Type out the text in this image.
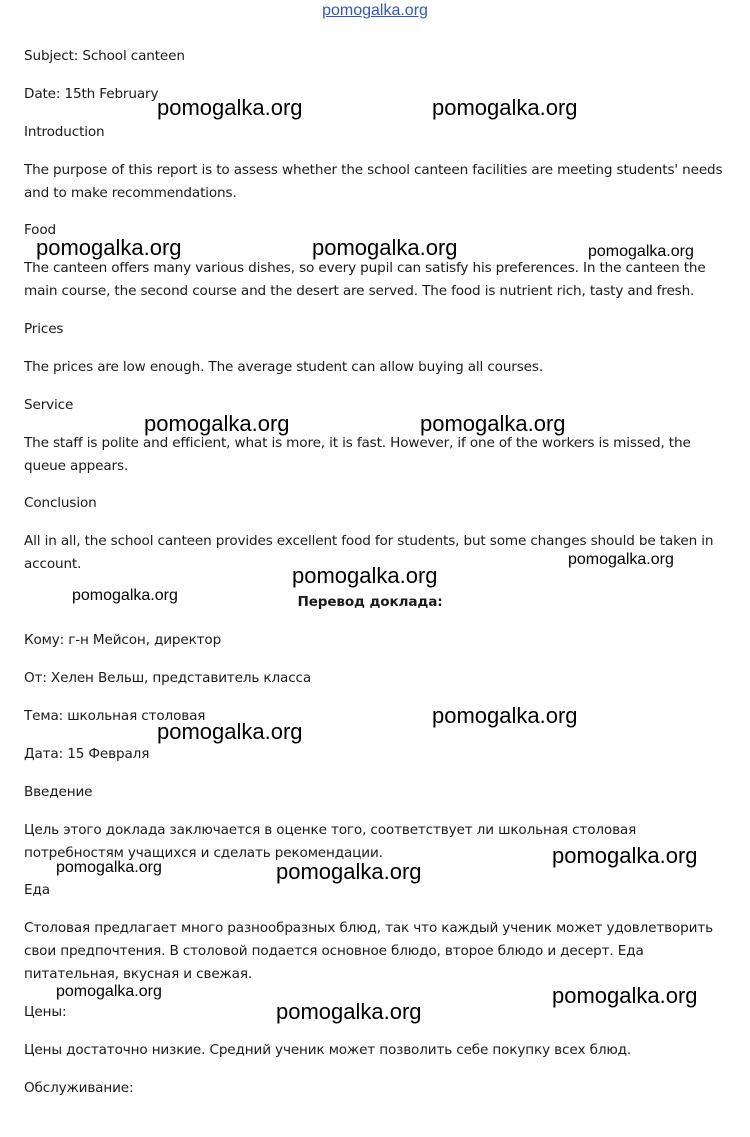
pomogalka.org

Subject: School canteen

Date: 15th February

Introduction

The purpose of this report is to assess whether the school canteen facilities are meeting students' needs and to make recommendations.

Food

The canteen offers many various dishes, so every pupil can satisfy his preferences. In the canteen the main course, the second course and the desert are served. The food is nutrient rich, tasty and fresh.

Prices

The prices are low enough. The average student can allow buying all courses.

Service

The staff is polite and efficient, what is more, it is fast. However, if one of the workers is missed, the queue appears.

Conclusion

All in all, the school canteen provides excellent food for students, but some changes should be taken in account.

Перевод доклада:

Кому: г-н Мейсон, директор

От: Хелен Вельш, представитель класса

Тема: школьная столовая

Дата: 15 Февраля

Введение

Цель этого доклада заключается в оценке того, соответствует ли школьная столовая потребностям учащихся и сделать рекомендации.

Еда

Столовая предлагает много разнообразных блюд, так что каждый ученик может удовлетворить свои предпочтения. В столовой подается основное блюдо, второе блюдо и десерт. Еда питательная, вкусная и свежая.

Цены:

Цены достаточно низкие. Средний ученик может позволить себе покупку всех блюд.

Обслуживание:

pomogalka.org	pomogalka.org
pomogalka.org	pomogalka.org	pomogalka.org
pomogalka.org	pomogalka.org
pomogalka.org
pomogalka.org
pomogalka.org
pomogalka.org
pomogalka.org
pomogalka.org
pomogalka.org	pomogalka.org
pomogalka.org	pomogalka.org
pomogalka.org
